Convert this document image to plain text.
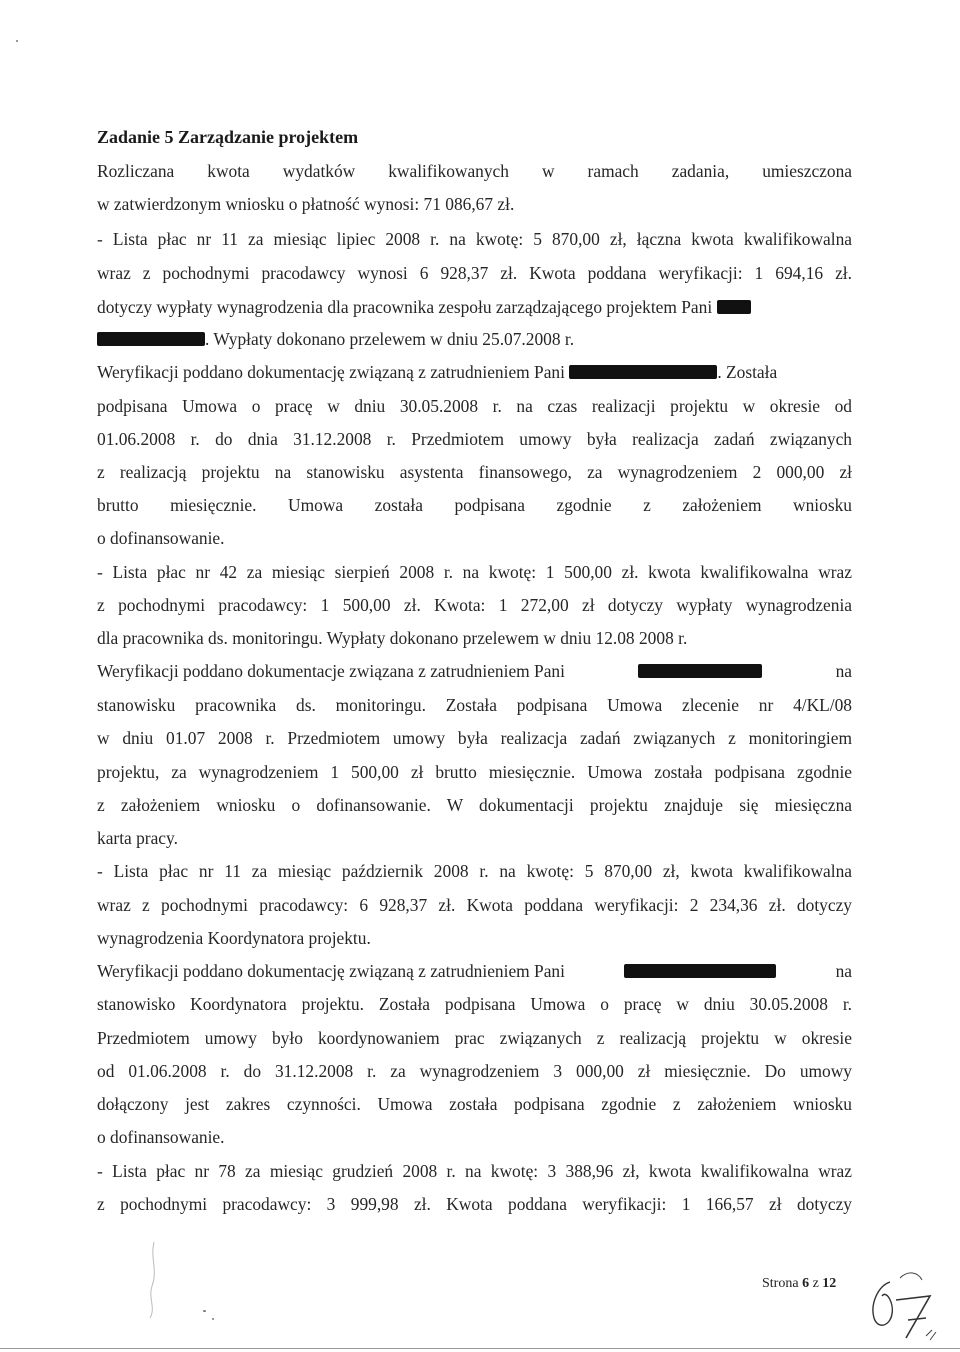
Zadanie 5 Zarządzanie projektem
Rozliczana kwota wydatków kwalifikowanych w ramach zadania, umieszczona
w zatwierdzonym wniosku o płatność wynosi: 71 086,67 zł.
- Lista płac nr 11 za miesiąc lipiec 2008 r. na kwotę: 5 870,00 zł, łączna kwota kwalifikowalna
wraz z pochodnymi pracodawcy wynosi 6 928,37 zł. Kwota poddana weryfikacji: 1 694,16 zł.
dotyczy wypłaty wynagrodzenia dla pracownika zespołu zarządzającego projektem Pani
. Wypłaty dokonano przelewem w dniu 25.07.2008 r.
Weryfikacji poddano dokumentację związaną z zatrudnieniem Pani	. Została
podpisana Umowa o pracę w dniu 30.05.2008 r. na czas realizacji projektu w okresie od
01.06.2008 r. do dnia 31.12.2008 r. Przedmiotem umowy była realizacja zadań związanych
z realizacją projektu na stanowisku asystenta finansowego, za wynagrodzeniem 2 000,00 zł
brutto miesięcznie. Umowa została podpisana zgodnie z założeniem wniosku
o dofinansowanie.
- Lista płac nr 42 za miesiąc sierpień 2008 r. na kwotę: 1 500,00 zł. kwota kwalifikowalna wraz
z pochodnymi pracodawcy: 1 500,00 zł. Kwota: 1 272,00 zł dotyczy wypłaty wynagrodzenia
dla pracownika ds. monitoringu. Wypłaty dokonano przelewem w dniu 12.08 2008 r.
Weryfikacji poddano dokumentacje związana z zatrudnieniem Pani	na
stanowisku pracownika ds. monitoringu. Została podpisana Umowa zlecenie nr 4/KL/08
w dniu 01.07 2008 r. Przedmiotem umowy była realizacja zadań związanych z monitoringiem
projektu, za wynagrodzeniem 1 500,00 zł brutto miesięcznie. Umowa została podpisana zgodnie
z założeniem wniosku o dofinansowanie. W dokumentacji projektu znajduje się miesięczna
karta pracy.
- Lista płac nr 11 za miesiąc październik 2008 r. na kwotę: 5 870,00 zł, kwota kwalifikowalna
wraz z pochodnymi pracodawcy: 6 928,37 zł. Kwota poddana weryfikacji: 2 234,36 zł. dotyczy
wynagrodzenia Koordynatora projektu.
Weryfikacji poddano dokumentację związaną z zatrudnieniem Pani	na
stanowisko Koordynatora projektu. Została podpisana Umowa o pracę w dniu 30.05.2008 r.
Przedmiotem umowy było koordynowaniem prac związanych z realizacją projektu w okresie
od 01.06.2008 r. do 31.12.2008 r. za wynagrodzeniem 3 000,00 zł miesięcznie. Do umowy
dołączony jest zakres czynności. Umowa została podpisana zgodnie z założeniem wniosku
o dofinansowanie.
- Lista płac nr 78 za miesiąc grudzień 2008 r. na kwotę: 3 388,96 zł, kwota kwalifikowalna wraz
z pochodnymi pracodawcy: 3 999,98 zł. Kwota poddana weryfikacji: 1 166,57 zł dotyczy
Strona 6 z 12
